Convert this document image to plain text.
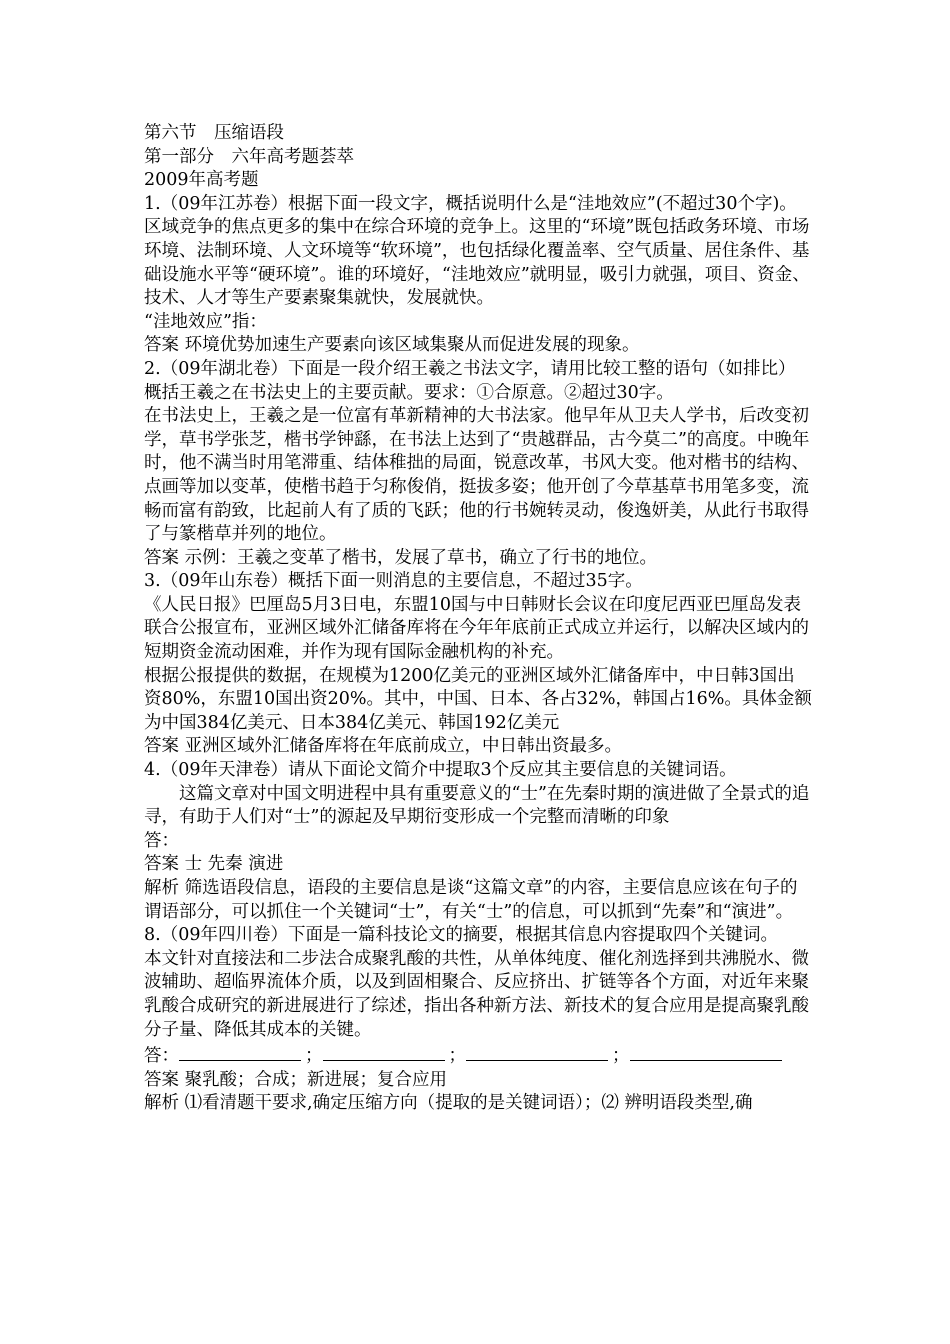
第六节　压缩语段

第一部分　六年高考题荟萃

2009年高考题

1.（09年江苏卷）根据下面一段文字，概括说明什么是“洼地效应”(不超过30个字)。

区域竞争的焦点更多的集中在综合环境的竞争上。这里的“环境”既包括政务环境、市场环境、法制环境、人文环境等“软环境”，也包括绿化覆盖率、空气质量、居住条件、基础设施水平等“硬环境”。谁的环境好，“洼地效应”就明显，吸引力就强，项目、资金、技术、人才等生产要素聚集就快，发展就快。

“洼地效应”指：

答案 环境优势加速生产要素向该区域集聚从而促进发展的现象。

2.（09年湖北卷）下面是一段介绍王羲之书法文字，请用比较工整的语句（如排比）概括王羲之在书法史上的主要贡献。要求：①合原意。②超过30字。

在书法史上，王羲之是一位富有革新精神的大书法家。他早年从卫夫人学书，后改变初学，草书学张芝，楷书学钟繇，在书法上达到了“贵越群品，古今莫二”的高度。中晚年时，他不满当时用笔滞重、结体稚拙的局面，锐意改革，书风大变。他对楷书的结构、点画等加以变革，使楷书趋于匀称俊俏，挺拔多姿；他开创了今草基草书用笔多变，流畅而富有韵致，比起前人有了质的飞跃；他的行书婉转灵动，俊逸妍美，从此行书取得了与篆楷草并列的地位。

答案 示例：王羲之变革了楷书，发展了草书，确立了行书的地位。

3.（09年山东卷）概括下面一则消息的主要信息，不超过35字。

《人民日报》巴厘岛5月3日电，东盟10国与中日韩财长会议在印度尼西亚巴厘岛发表联合公报宣布，亚洲区域外汇储备库将在今年年底前正式成立并运行，以解决区域内的短期资金流动困难，并作为现有国际金融机构的补充。

根据公报提供的数据，在规模为1200亿美元的亚洲区域外汇储备库中，中日韩3国出资80%，东盟10国出资20%。其中，中国、日本、各占32%，韩国占16%。具体金额为中国384亿美元、日本384亿美元、韩国192亿美元

答案 亚洲区域外汇储备库将在年底前成立，中日韩出资最多。

4.（09年天津卷）请从下面论文简介中提取3个反应其主要信息的关键词语。

这篇文章对中国文明进程中具有重要意义的“士”在先秦时期的演进做了全景式的追寻，有助于人们对“士”的源起及早期衍变形成一个完整而清晰的印象

答：

答案 士 先秦 演进

解析 筛选语段信息，语段的主要信息是谈“这篇文章”的内容，主要信息应该在句子的谓语部分，可以抓住一个关键词“士”，有关“士”的信息，可以抓到“先秦”和“演进”。

8.（09年四川卷）下面是一篇科技论文的摘要，根据其信息内容提取四个关键词。

本文针对直接法和二步法合成聚乳酸的共性，从单体纯度、催化剂选择到共沸脱水、微波辅助、超临界流体介质，以及到固相聚合、反应挤出、扩链等各个方面，对近年来聚乳酸合成研究的新进展进行了综述，指出各种新方法、新技术的复合应用是提高聚乳酸分子量、降低其成本的关键。

答：	；	；	；

答案 聚乳酸；合成；新进展；复合应用

解析 ⑴看清题干要求,确定压缩方向（提取的是关键词语）；⑵ 辨明语段类型,确
